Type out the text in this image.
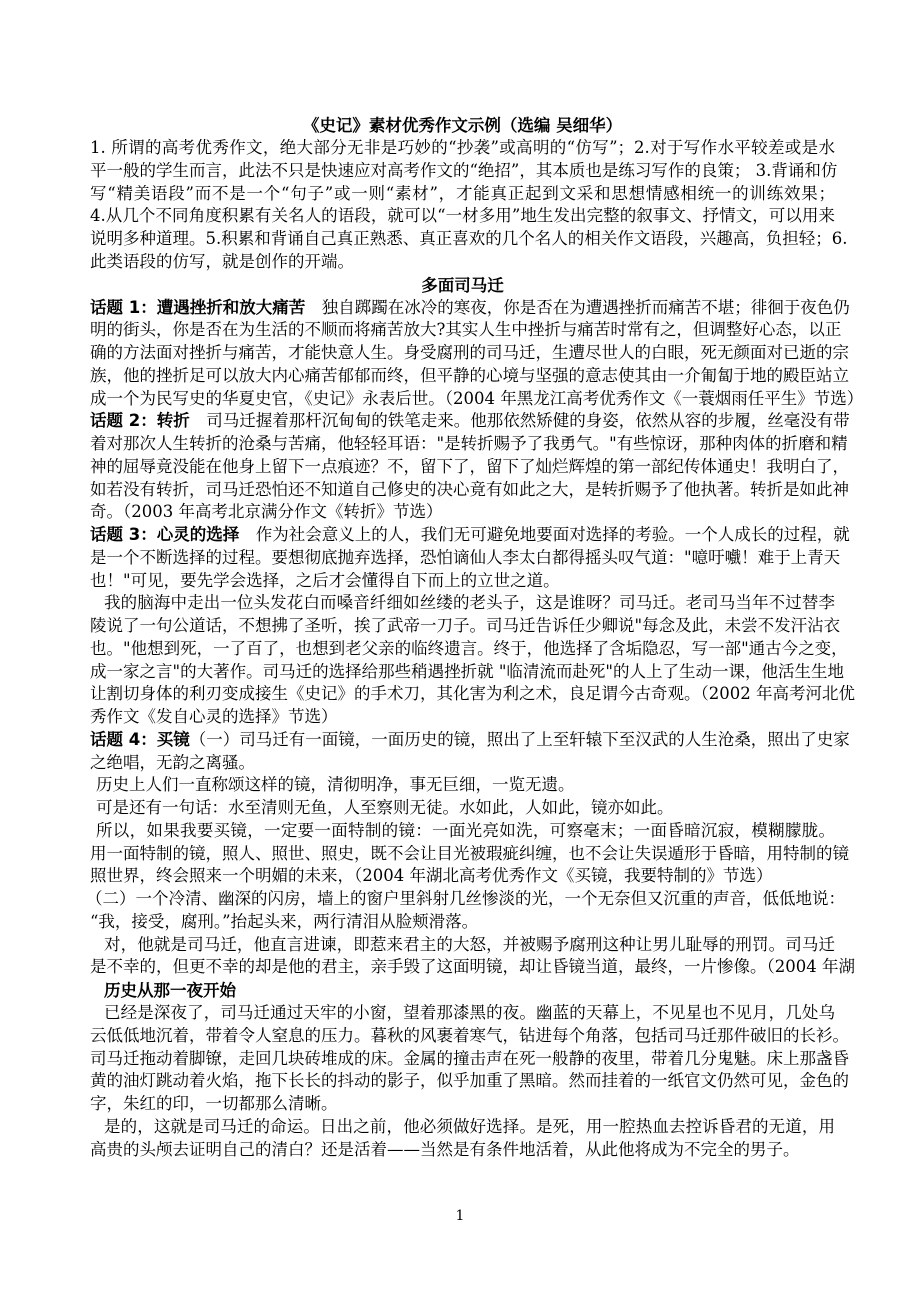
《史记》素材优秀作文示例（选编 吴细华）
1. 所谓的高考优秀作文，绝大部分无非是巧妙的“抄袭”或高明的“仿写”；2.对于写作水平较差或是水
平一般的学生而言，此法不只是快速应对高考作文的“绝招”，其本质也是练习写作的良策； 3.背诵和仿
写“精美语段”而不是一个“句子”或一则“素材”，才能真正起到文采和思想情感相统一的训练效果；
4.从几个不同角度积累有关名人的语段，就可以“一材多用”地生发出完整的叙事文、抒情文，可以用来
说明多种道理。5.积累和背诵自己真正熟悉、真正喜欢的几个名人的相关作文语段，兴趣高，负担轻；6.
此类语段的仿写，就是创作的开端。
多面司马迁
话题 1：遭遇挫折和放大痛苦　独自踯躅在冰冷的寒夜，你是否在为遭遇挫折而痛苦不堪；徘徊于夜色仍
明的街头，你是否在为生活的不顺而将痛苦放大?其实人生中挫折与痛苦时常有之，但调整好心态，以正
确的方法面对挫折与痛苦，才能快意人生。身受腐刑的司马迁，生遭尽世人的白眼，死无颜面对已逝的宗
族，他的挫折足可以放大内心痛苦郁郁而终，但平静的心境与坚强的意志使其由一介匍匐于地的殿臣站立
成一个为民写史的华夏史官，《史记》永表后世。（2004 年黑龙江高考优秀作文《一蓑烟雨任平生》节选）
话题 2：转折　司马迁握着那杆沉甸甸的铁笔走来。他那依然矫健的身姿，依然从容的步履，丝毫没有带
着对那次人生转折的沧桑与苦痛，他轻轻耳语："是转折赐予了我勇气。"有些惊讶，那种肉体的折磨和精
神的屈辱竟没能在他身上留下一点痕迹？不，留下了，留下了灿烂辉煌的第一部纪传体通史！我明白了，
如若没有转折，司马迁恐怕还不知道自己修史的决心竟有如此之大，是转折赐予了他执著。转折是如此神
奇。（2003 年高考北京满分作文《转折》节选）
话题 3：心灵的选择　作为社会意义上的人，我们无可避免地要面对选择的考验。一个人成长的过程，就
是一个不断选择的过程。要想彻底抛弃选择，恐怕谪仙人李太白都得摇头叹气道："噫吁嚱！难于上青天
也！"可见，要先学会选择，之后才会懂得自下而上的立世之道。
我的脑海中走出一位头发花白而嗓音纤细如丝缕的老头子，这是谁呀？司马迁。老司马当年不过替李
陵说了一句公道话，不想拂了圣听，挨了武帝一刀子。司马迁告诉任少卿说"每念及此，未尝不发汗沾衣
也。"他想到死，一了百了，也想到老父亲的临终遗言。终于，他选择了含垢隐忍，写一部"通古今之变，
成一家之言"的大著作。司马迁的选择给那些稍遇挫折就 "临清流而赴死"的人上了生动一课，他活生生地
让割切身体的利刃变成接生《史记》的手术刀，其化害为利之术，良足谓今古奇观。（2002 年高考河北优
秀作文《发自心灵的选择》节选）
话题 4：买镜（一）司马迁有一面镜，一面历史的镜，照出了上至轩辕下至汉武的人生沧桑，照出了史家
之绝唱，无韵之离骚。
历史上人们一直称颂这样的镜，清彻明净，事无巨细，一览无遗。
可是还有一句话：水至清则无鱼，人至察则无徒。水如此，人如此，镜亦如此。
所以，如果我要买镜，一定要一面特制的镜：一面光亮如洗，可察毫末；一面昏暗沉寂，模糊朦胧。
用一面特制的镜，照人、照世、照史，既不会让目光被瑕疵纠缠，也不会让失误遁形于昏暗，用特制的镜
照世界，终会照来一个明媚的未来，（2004 年湖北高考优秀作文《买镜，我要特制的》节选）
（二）一个冷清、幽深的闪房，墙上的窗户里斜射几丝惨淡的光，一个无奈但又沉重的声音，低低地说：
“我，接受，腐刑。”抬起头来，两行清泪从脸颊滑落。
对，他就是司马迁，他直言进谏，即惹来君主的大怒，并被赐予腐刑这种让男儿耻辱的刑罚。司马迁
是不幸的，但更不幸的却是他的君主，亲手毁了这面明镜，却让昏镜当道，最终，一片惨像。（2004 年湖
历史从那一夜开始
已经是深夜了，司马迁通过天牢的小窗，望着那漆黑的夜。幽蓝的天幕上，不见星也不见月，几处乌
云低低地沉着，带着令人窒息的压力。暮秋的风裹着寒气，钻进每个角落，包括司马迁那件破旧的长衫。
司马迁拖动着脚镣，走回几块砖堆成的床。金属的撞击声在死一般静的夜里，带着几分鬼魅。床上那盏昏
黄的油灯跳动着火焰，拖下长长的抖动的影子，似乎加重了黑暗。然而挂着的一纸官文仍然可见，金色的
字，朱红的印，一切都那么清晰。
是的，这就是司马迁的命运。日出之前，他必须做好选择。是死，用一腔热血去控诉昏君的无道，用
高贵的头颅去证明自己的清白？还是活着——当然是有条件地活着，从此他将成为不完全的男子。
1
